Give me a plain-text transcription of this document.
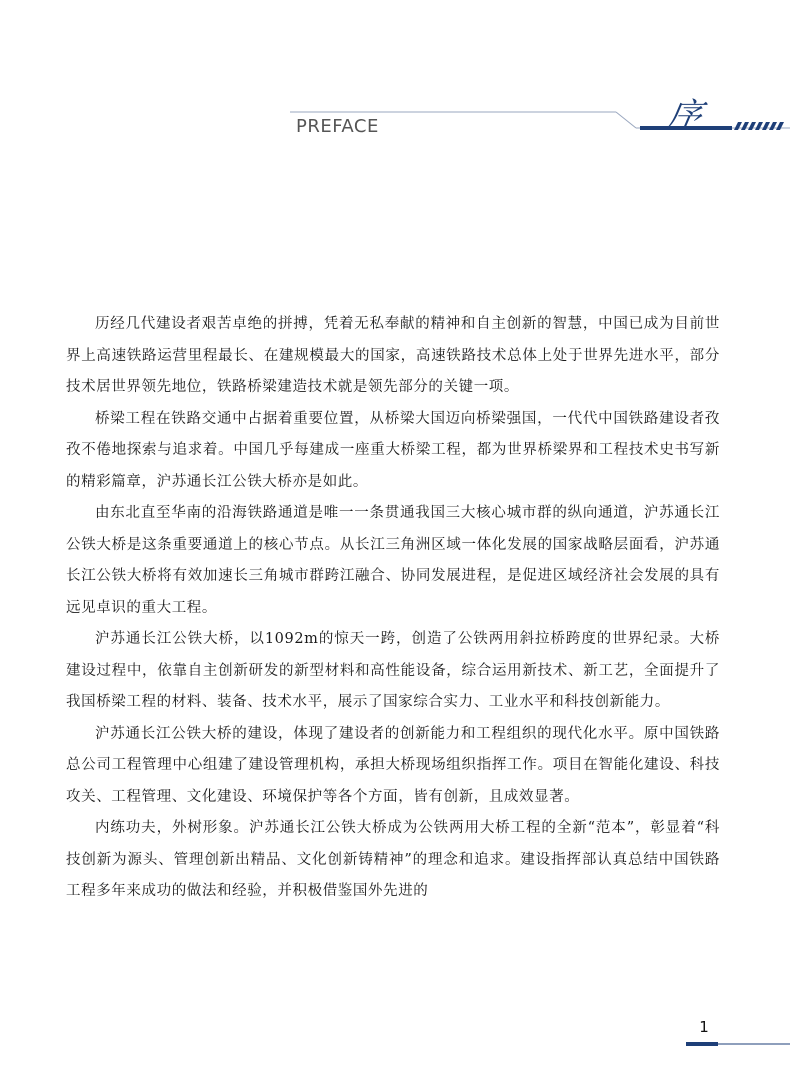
PREFACE	序

历经几代建设者艰苦卓绝的拼搏，凭着无私奉献的精神和自主创新的智慧，中国已成为目前世界上高速铁路运营里程最长、在建规模最大的国家，高速铁路技术总体上处于世界先进水平，部分技术居世界领先地位，铁路桥梁建造技术就是领先部分的关键一项。

桥梁工程在铁路交通中占据着重要位置，从桥梁大国迈向桥梁强国，一代代中国铁路建设者孜孜不倦地探索与追求着。中国几乎每建成一座重大桥梁工程，都为世界桥梁界和工程技术史书写新的精彩篇章，沪苏通长江公铁大桥亦是如此。

由东北直至华南的沿海铁路通道是唯一一条贯通我国三大核心城市群的纵向通道，沪苏通长江公铁大桥是这条重要通道上的核心节点。从长江三角洲区域一体化发展的国家战略层面看，沪苏通长江公铁大桥将有效加速长三角城市群跨江融合、协同发展进程，是促进区域经济社会发展的具有远见卓识的重大工程。

沪苏通长江公铁大桥，以1092m的惊天一跨，创造了公铁两用斜拉桥跨度的世界纪录。大桥建设过程中，依靠自主创新研发的新型材料和高性能设备，综合运用新技术、新工艺，全面提升了我国桥梁工程的材料、装备、技术水平，展示了国家综合实力、工业水平和科技创新能力。

沪苏通长江公铁大桥的建设，体现了建设者的创新能力和工程组织的现代化水平。原中国铁路总公司工程管理中心组建了建设管理机构，承担大桥现场组织指挥工作。项目在智能化建设、科技攻关、工程管理、文化建设、环境保护等各个方面，皆有创新，且成效显著。

内练功夫，外树形象。沪苏通长江公铁大桥成为公铁两用大桥工程的全新“范本”，彰显着“科技创新为源头、管理创新出精品、文化创新铸精神”的理念和追求。建设指挥部认真总结中国铁路工程多年来成功的做法和经验，并积极借鉴国外先进的

1
